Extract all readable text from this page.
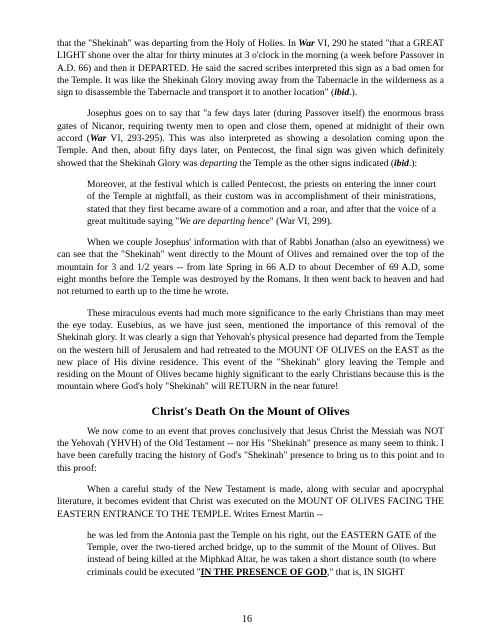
that the "Shekinah" was departing from the Holy of Holies. In War VI, 290 he stated "that a GREAT LIGHT shone over the altar for thirty minutes at 3 o'clock in the morning (a week before Passover in A.D. 66) and then it DEPARTED. He said the sacred scribes interpreted this sign as a bad omen for the Temple. It was like the Shekinah Glory moving away from the Tabernacle in the wilderness as a sign to disassemble the Tabernacle and transport it to another location" (ibid.).

Josephus goes on to say that "a few days later (during Passover itself) the enormous brass gates of Nicanor, requiring twenty men to open and close them, opened at midnight of their own accord (War VI, 293-295). This was also interpreted as showing a desolation coming upon the Temple. And then, about fifty days later, on Pentecost, the final sign was given which definitely showed that the Shekinah Glory was departing the Temple as the other signs indicated (ibid.):

Moreover, at the festival which is called Pentecost, the priests on entering the inner court of the Temple at nightfall, as their custom was in accomplishment of their ministrations, stated that they first became aware of a commotion and a roar, and after that the voice of a great multitude saying "We are departing hence" (War VI, 299).

When we couple Josephus' information with that of Rabbi Jonathan (also an eyewitness) we can see that the "Shekinah" went directly to the Mount of Olives and remained over the top of the mountain for 3 and 1/2 years -- from late Spring in 66 A.D to about December of 69 A.D, some eight months before the Temple was destroyed by the Romans. It then went back to heaven and had not returned to earth up to the time he wrote.

These miraculous events had much more significance to the early Christians than may meet the eye today. Eusebius, as we have just seen, mentioned the importance of this removal of the Shekinah glory. It was clearly a sign that Yehovah's physical presence had departed from the Temple on the western hill of Jerusalem and had retreated to the MOUNT OF OLIVES on the EAST as the new place of His divine residence. This event of the "Shekinah" glory leaving the Temple and residing on the Mount of Olives became highly significant to the early Christians because this is the mountain where God's holy "Shekinah" will RETURN in the near future!

Christ's Death On the Mount of Olives

We now come to an event that proves conclusively that Jesus Christ the Messiah was NOT the Yehovah (YHVH) of the Old Testament -- nor His "Shekinah" presence as many seem to think. I have been carefully tracing the history of God's "Shekinah" presence to bring us to this point and to this proof:

When a careful study of the New Testament is made, along with secular and apocryphal literature, it becomes evident that Christ was executed on the MOUNT OF OLIVES FACING THE EASTERN ENTRANCE TO THE TEMPLE. Writes Ernest Martin --

he was led from the Antonia past the Temple on his right, out the EASTERN GATE of the Temple, over the two-tiered arched bridge, up to the summit of the Mount of Olives. But instead of being killed at the Miphkad Altar, he was taken a short distance south (to where criminals could be executed "IN THE PRESENCE OF GOD," that is, IN SIGHT

16
